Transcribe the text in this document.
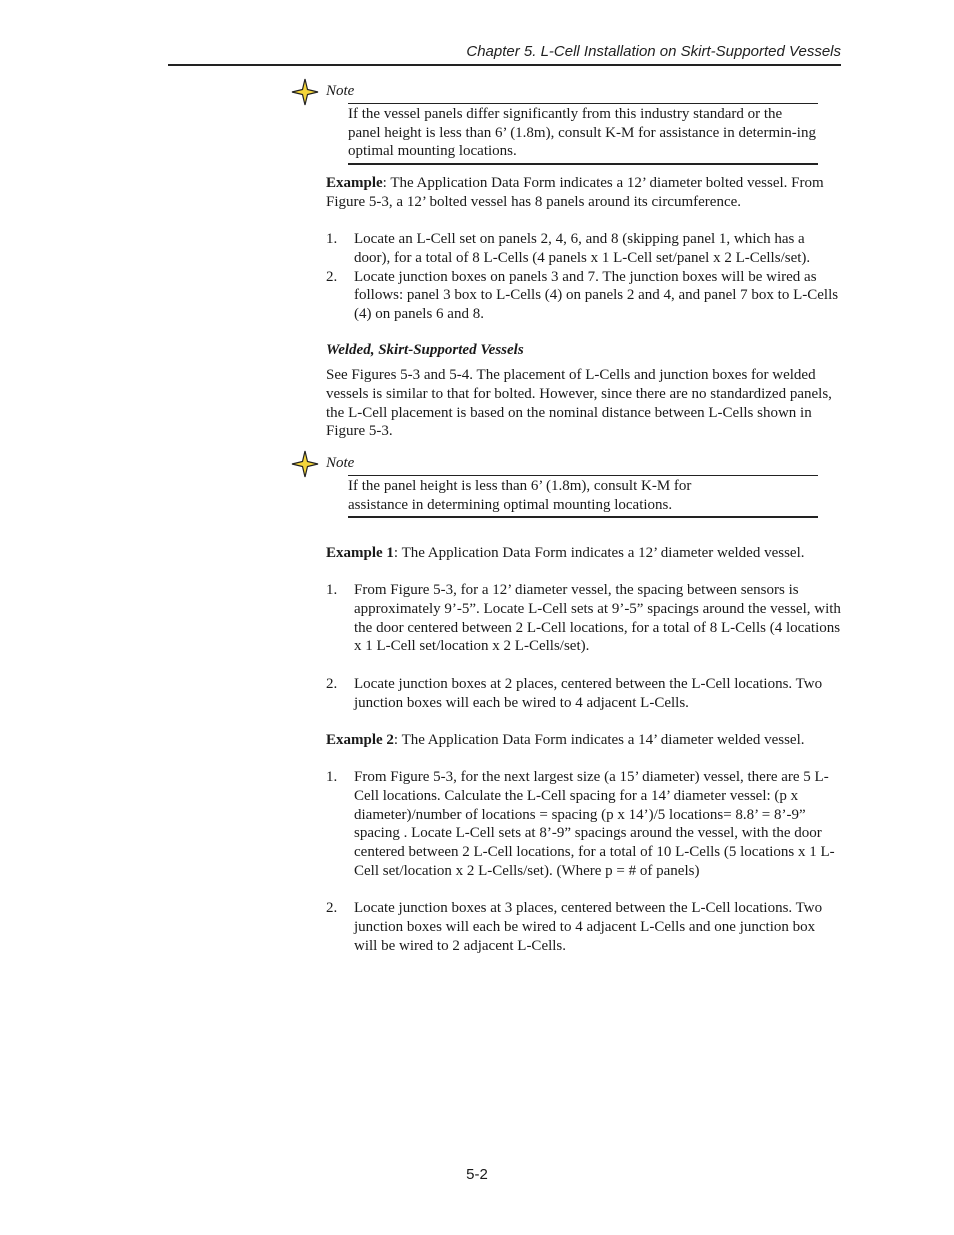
Chapter 5. L-Cell Installation on Skirt-Supported Vessels
Note

If the vessel panels differ significantly from this industry standard or the panel height is less than 6’ (1.8m), consult K-M for assistance in determin-ing optimal mounting locations.

Example: The Application Data Form indicates a 12’ diameter bolted vessel. From Figure 5-3, a 12’ bolted vessel has 8 panels around its circumference.

1. Locate an L-Cell set on panels 2, 4, 6, and 8 (skipping panel 1, which has a door), for a total of 8 L-Cells (4 panels x 1 L-Cell set/panel x 2 L-Cells/set).
2. Locate junction boxes on panels 3 and 7. The junction boxes will be wired as follows: panel 3 box to L-Cells (4) on panels 2 and 4, and panel 7 box to L-Cells (4) on panels 6 and 8.

Welded, Skirt-Supported Vessels

See Figures 5-3 and 5-4. The placement of L-Cells and junction boxes for welded vessels is similar to that for bolted. However, since there are no standardized panels, the L-Cell placement is based on the nominal distance between L-Cells shown in Figure 5-3.

Note

If the panel height is less than 6’ (1.8m), consult K-M for assistance in determining optimal mounting locations.

Example 1: The Application Data Form indicates a 12’ diameter welded vessel.

1. From Figure 5-3, for a 12’ diameter vessel, the spacing between sensors is approximately 9’-5”. Locate L-Cell sets at 9’-5” spacings around the vessel, with the door centered between 2 L-Cell locations, for a total of 8 L-Cells (4 locations x 1 L-Cell set/location x 2 L-Cells/set).
2. Locate junction boxes at 2 places, centered between the L-Cell locations. Two junction boxes will each be wired to 4 adjacent L-Cells.

Example 2: The Application Data Form indicates a 14’ diameter welded vessel.

1. From Figure 5-3, for the next largest size (a 15’ diameter) vessel, there are 5 L-Cell locations. Calculate the L-Cell spacing for a 14’ diameter vessel: (p x diameter)/number of locations = spacing (p x 14’)/5 locations= 8.8’ = 8’-9” spacing . Locate L-Cell sets at 8’-9” spacings around the vessel, with the door centered between 2 L-Cell locations, for a total of 10 L-Cells (5 locations x 1 L-Cell set/location x 2 L-Cells/set). (Where p = # of panels)
2. Locate junction boxes at 3 places, centered between the L-Cell locations. Two junction boxes will each be wired to 4 adjacent L-Cells and one junction box will be wired to 2 adjacent L-Cells.
5-2
